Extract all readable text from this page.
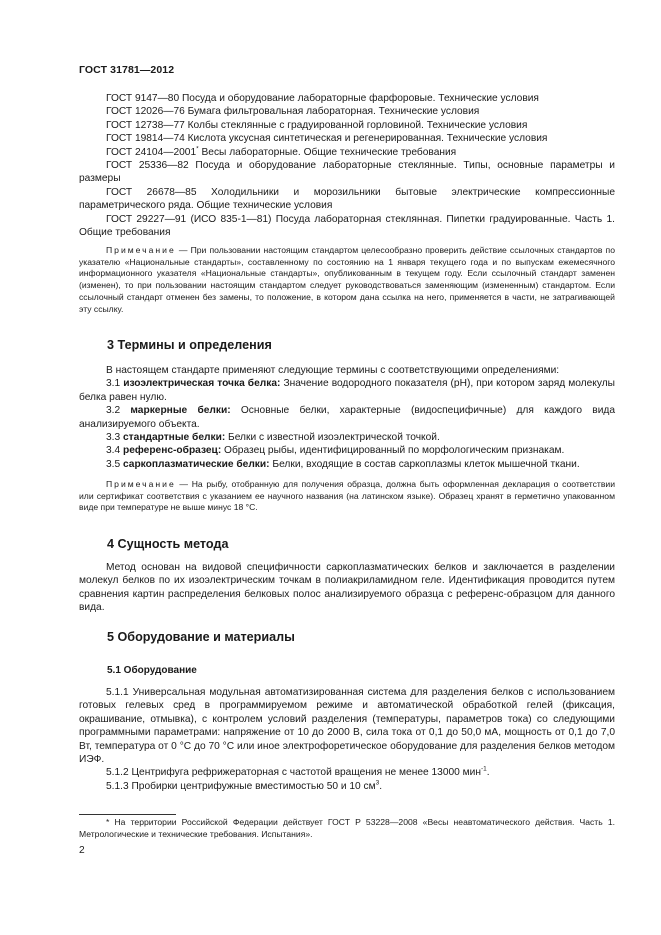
ГОСТ 31781—2012

ГОСТ 9147—80 Посуда и оборудование лабораторные фарфоровые. Технические условия

ГОСТ 12026—76 Бумага фильтровальная лабораторная. Технические условия

ГОСТ 12738—77 Колбы стеклянные с градуированной горловиной. Технические условия

ГОСТ 19814—74 Кислота уксусная синтетическая и регенерированная. Технические условия

ГОСТ 24104—2001* Весы лабораторные. Общие технические требования

ГОСТ 25336—82 Посуда и оборудование лабораторные стеклянные. Типы, основные параметры и размеры

ГОСТ 26678—85 Холодильники и морозильники бытовые электрические компрессионные параметрического ряда. Общие технические условия

ГОСТ 29227—91 (ИСО 835-1—81) Посуда лабораторная стеклянная. Пипетки градуированные. Часть 1. Общие требования

Примечание — При пользовании настоящим стандартом целесообразно проверить действие ссылочных стандартов по указателю «Национальные стандарты», составленному по состоянию на 1 января текущего года и по выпускам ежемесячного информационного указателя «Национальные стандарты», опубликованным в текущем году. Если ссылочный стандарт заменен (изменен), то при пользовании настоящим стандартом следует руководствоваться заменяющим (измененным) стандартом. Если ссылочный стандарт отменен без замены, то положение, в котором дана ссылка на него, применяется в части, не затрагивающей эту ссылку.

3 Термины и определения

В настоящем стандарте применяют следующие термины с соответствующими определениями:

3.1 изоэлектрическая точка белка: Значение водородного показателя (pH), при котором заряд молекулы белка равен нулю.

3.2 маркерные белки: Основные белки, характерные (видоспецифичные) для каждого вида анализируемого объекта.

3.3 стандартные белки: Белки с известной изоэлектрической точкой.

3.4 референс-образец: Образец рыбы, идентифицированный по морфологическим признакам.

3.5 саркоплазматические белки: Белки, входящие в состав саркоплазмы клеток мышечной ткани.

Примечание — На рыбу, отобранную для получения образца, должна быть оформленная декларация о соответствии или сертификат соответствия с указанием ее научного названия (на латинском языке). Образец хранят в герметично упакованном виде при температуре не выше минус 18 °С.

4 Сущность метода

Метод основан на видовой специфичности саркоплазматических белков и заключается в разделении молекул белков по их изоэлектрическим точкам в полиакриламидном геле. Идентификация проводится путем сравнения картин распределения белковых полос анализируемого образца с референс-образцом для данного вида.

5 Оборудование и материалы
5.1 Оборудование

5.1.1 Универсальная модульная автоматизированная система для разделения белков с использованием готовых гелевых сред в программируемом режиме и автоматической обработкой гелей (фиксация, окрашивание, отмывка), с контролем условий разделения (температуры, параметров тока) со следующими программными параметрами: напряжение от 10 до 2000 В, сила тока от 0,1 до 50,0 мА, мощность от 0,1 до 7,0 Вт, температура от 0 °С до 70 °С или иное электрофоретическое оборудование для разделения белков методом ИЭФ.

5.1.2 Центрифуга рефрижераторная с частотой вращения не менее 13000 мин$^{-1}$.

5.1.3 Пробирки центрифужные вместимостью 50 и 10 $см^3$.

* На территории Российской Федерации действует ГОСТ Р 53228—2008 «Весы неавтоматического действия. Часть 1. Метрологические и технические требования. Испытания».

2
